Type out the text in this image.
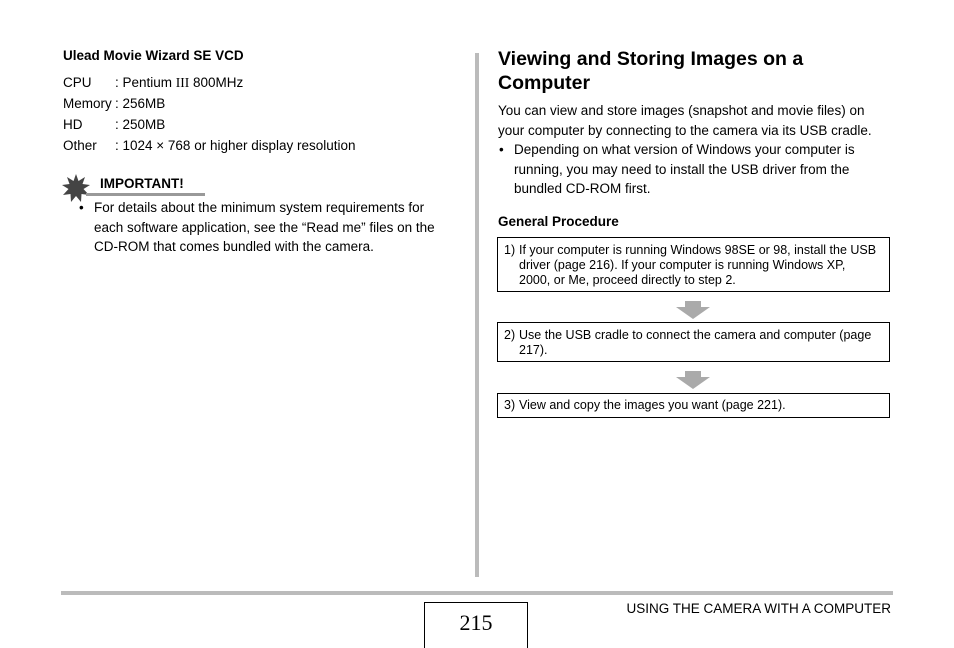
Ulead Movie Wizard SE VCD
CPU : Pentium III 800MHz
Memory : 256MB
HD : 250MB
Other : 1024 × 768 or higher display resolution
IMPORTANT!
• For details about the minimum system requirements for
each software application, see the “Read me” files on the
CD-ROM that comes bundled with the camera.
Viewing and Storing Images on a
Computer
You can view and store images (snapshot and movie files) on
your computer by connecting to the camera via its USB cradle.
• Depending on what version of Windows your computer is
running, you may need to install the USB driver from the
bundled CD-ROM first.
General Procedure
1) If your computer is running Windows 98SE or 98, install the USB
driver (page 216). If your computer is running Windows XP,
2000, or Me, proceed directly to step 2.
2) Use the USB cradle to connect the camera and computer (page
217).
3) View and copy the images you want (page 221).
215
USING THE CAMERA WITH A COMPUTER
